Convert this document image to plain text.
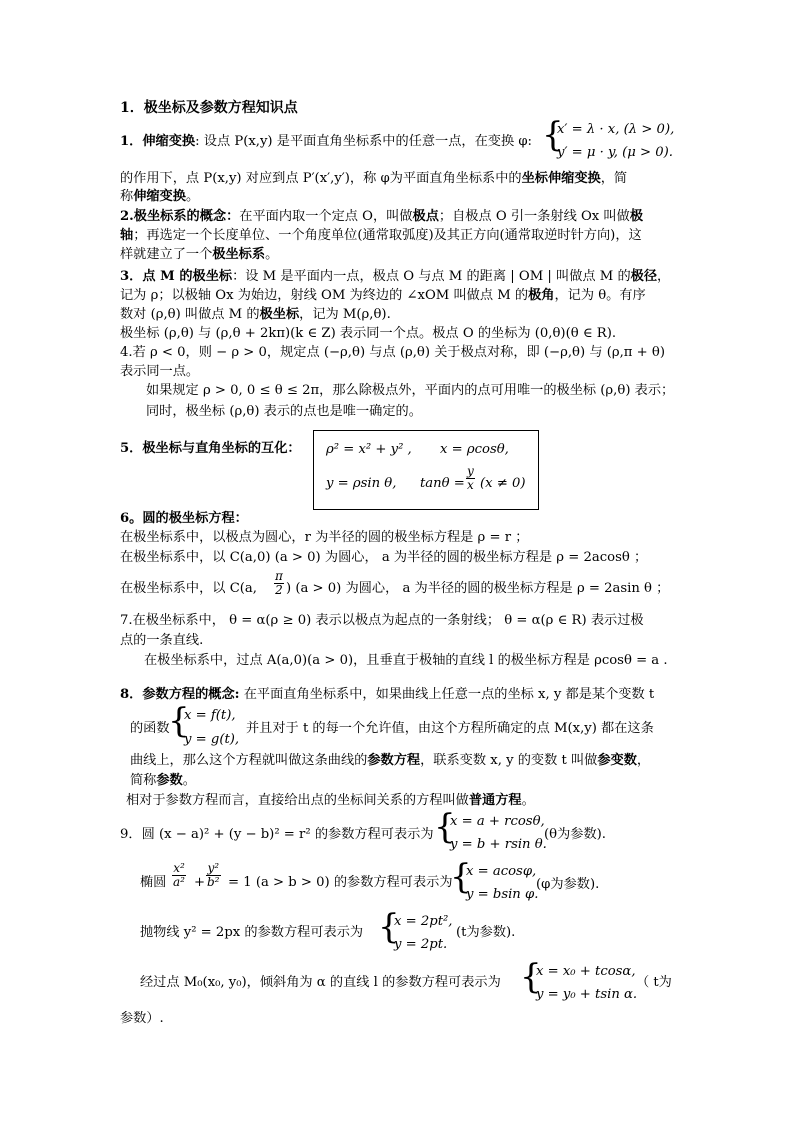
1．极坐标及参数方程知识点
1．伸缩变换: 设点 P(x,y) 是平面直角坐标系中的任意一点，在变换 φ: {
x′ = λ · x, (λ > 0),
y′ = μ · y, (μ > 0).
的作用下，点 P(x,y) 对应到点 P′(x′,y′)，称 φ为平面直角坐标系中的坐标伸缩变换，简
称伸缩变换。
2.极坐标系的概念：在平面内取一个定点 O，叫做极点；自极点 O 引一条射线 Ox 叫做极
轴；再选定一个长度单位、一个角度单位(通常取弧度)及其正方向(通常取逆时针方向)，这
样就建立了一个极坐标系。
3．点 M 的极坐标：设 M 是平面内一点，极点 O 与点 M 的距离 | OM | 叫做点 M 的极径，
记为 ρ；以极轴 Ox 为始边，射线 OM 为终边的 ∠xOM 叫做点 M 的极角，记为 θ。有序
数对 (ρ,θ) 叫做点 M 的极坐标，记为 M(ρ,θ).
极坐标 (ρ,θ) 与 (ρ,θ + 2kπ)(k ∈ Z) 表示同一个点。极点 O 的坐标为 (0,θ)(θ ∈ R).
4.若 ρ < 0，则 − ρ > 0，规定点 (−ρ,θ) 与点 (ρ,θ) 关于极点对称，即 (−ρ,θ) 与 (ρ,π + θ)
表示同一点。
如果规定 ρ > 0, 0 ≤ θ ≤ 2π，那么除极点外，平面内的点可用唯一的极坐标 (ρ,θ) 表示；
同时，极坐标 (ρ,θ) 表示的点也是唯一确定的。
5．极坐标与直角坐标的互化： ρ² = x² + y² , x = ρcosθ,
y = ρsin θ, $\tan\theta = \frac{y}{x} (x \ne 0)$
6。圆的极坐标方程：
在极坐标系中，以极点为圆心，r 为半径的圆的极坐标方程是 ρ = r ；
在极坐标系中，以 C(a,0) (a > 0) 为圆心， a 为半径的圆的极坐标方程是 ρ = 2acosθ ；
在极坐标系中，以 C(a, $\frac{\pi}{2}$ ) (a > 0) 为圆心， a 为半径的圆的极坐标方程是 ρ = 2asin θ ；
7.在极坐标系中， θ = α(ρ ≥ 0) 表示以极点为起点的一条射线； θ = α(ρ ∈ R) 表示过极
点的一条直线.
在极坐标系中，过点 A(a,0)(a > 0)，且垂直于极轴的直线 l 的极坐标方程是 ρcosθ = a .
8．参数方程的概念: 在平面直角坐标系中，如果曲线上任意一点的坐标 x, y 都是某个变数 t
的函数
{
x = f(t),
y = g(t),
并且对于 t 的每一个允许值，由这个方程所确定的点 M(x,y) 都在这条
曲线上，那么这个方程就叫做这条曲线的参数方程，联系变数 x, y 的变数 t 叫做参变数，
简称参数。
相对于参数方程而言，直接给出点的坐标间关系的方程叫做普通方程。
9．圆 (x − a)² + (y − b)² = r² 的参数方程可表示为 {
x = a + rcosθ,
y = b + rsin θ.
(θ为参数).
椭圆 $\frac{\text{x²}}{\text{a²}} + \frac{\text{y²}}{\text{b²}} = 1$ (a > b > 0) 的参数方程可表示为
{
x = acosφ,
y = bsin φ.
(φ为参数).
抛物线 y² = 2px 的参数方程可表示为 {
x = 2pt²,
y = 2pt.
(t为参数).
经过点 M₀(x₀, y₀)，倾斜角为 α 的直线 l 的参数方程可表示为 {
x = x₀ + tcosα,
y = y₀ + tsin α.
（ t为
参数）.
